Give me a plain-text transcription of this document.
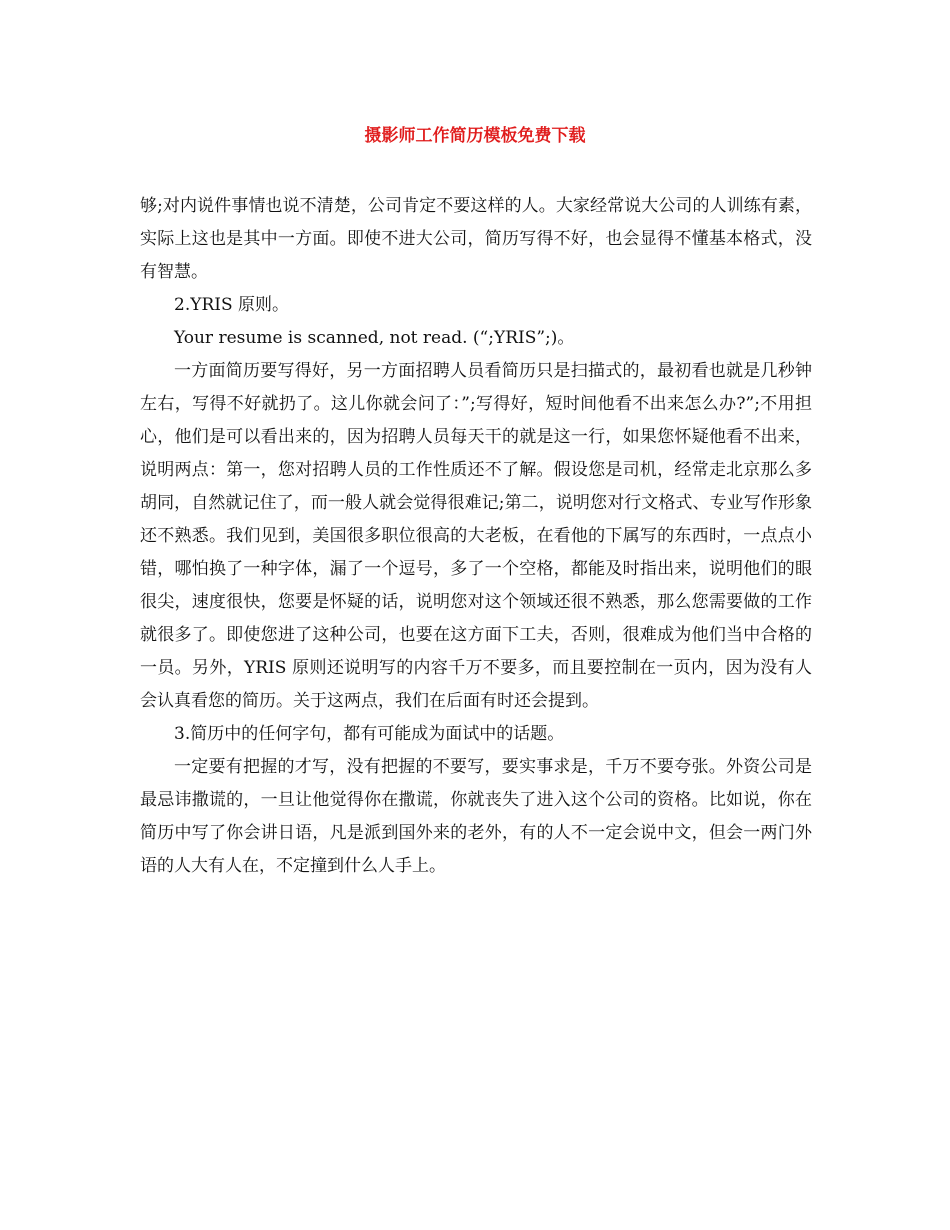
摄影师工作简历模板免费下载

够;对内说件事情也说不清楚，公司肯定不要这样的人。大家经常说大公司的人训练有素，实际上这也是其中一方面。即使不进大公司，简历写得不好，也会显得不懂基本格式，没有智慧。

2.YRIS 原则。

Your resume is scanned, not read. (“;YRIS”;)。

一方面简历要写得好，另一方面招聘人员看简历只是扫描式的，最初看也就是几秒钟左右，写得不好就扔了。这儿你就会问了：”;写得好，短时间他看不出来怎么办?”;不用担心，他们是可以看出来的，因为招聘人员每天干的就是这一行，如果您怀疑他看不出来，说明两点：第一，您对招聘人员的工作性质还不了解。假设您是司机，经常走北京那么多胡同，自然就记住了，而一般人就会觉得很难记;第二，说明您对行文格式、专业写作形象还不熟悉。我们见到，美国很多职位很高的大老板，在看他的下属写的东西时，一点点小错，哪怕换了一种字体，漏了一个逗号，多了一个空格，都能及时指出来，说明他们的眼很尖，速度很快，您要是怀疑的话，说明您对这个领域还很不熟悉，那么您需要做的工作就很多了。即使您进了这种公司，也要在这方面下工夫，否则，很难成为他们当中合格的一员。另外，YRIS 原则还说明写的内容千万不要多，而且要控制在一页内，因为没有人会认真看您的简历。关于这两点，我们在后面有时还会提到。

3.简历中的任何字句，都有可能成为面试中的话题。

一定要有把握的才写，没有把握的不要写，要实事求是，千万不要夸张。外资公司是最忌讳撒谎的，一旦让他觉得你在撒谎，你就丧失了进入这个公司的资格。比如说，你在简历中写了你会讲日语，凡是派到国外来的老外，有的人不一定会说中文，但会一两门外语的人大有人在，不定撞到什么人手上。
